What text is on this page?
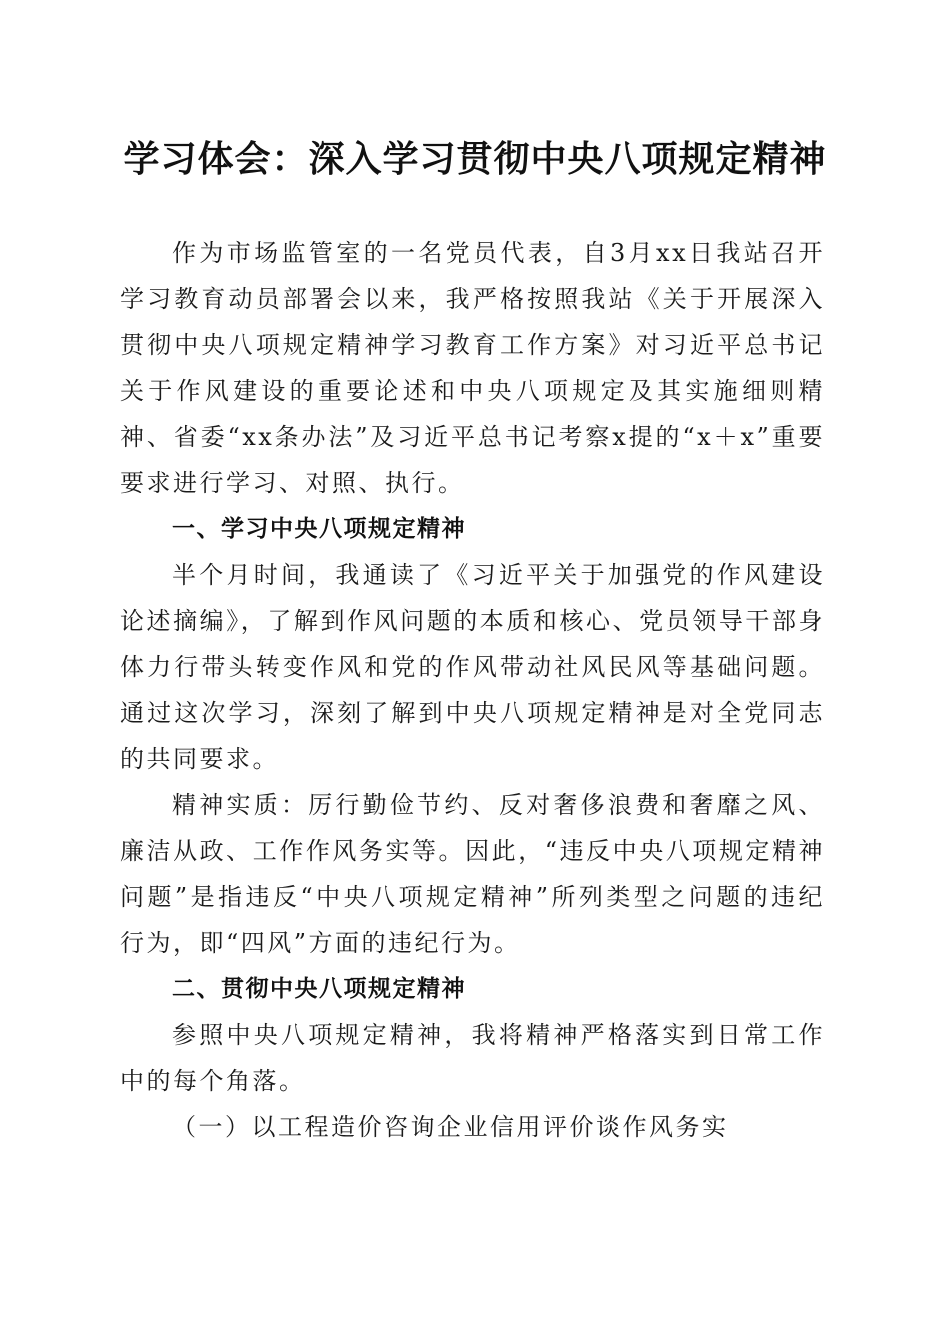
学习体会：深入学习贯彻中央八项规定精神

作为市场监管室的一名党员代表，自3月xx日我站召开学习教育动员部署会以来，我严格按照我站《关于开展深入贯彻中央八项规定精神学习教育工作方案》对习近平总书记关于作风建设的重要论述和中央八项规定及其实施细则精神、省委“xx条办法”及习近平总书记考察x提的“x＋x”重要要求进行学习、对照、执行。

一、学习中央八项规定精神

半个月时间，我通读了《习近平关于加强党的作风建设论述摘编》，了解到作风问题的本质和核心、党员领导干部身体力行带头转变作风和党的作风带动社风民风等基础问题。通过这次学习，深刻了解到中央八项规定精神是对全党同志的共同要求。

精神实质：厉行勤俭节约、反对奢侈浪费和奢靡之风、廉洁从政、工作作风务实等。因此，“违反中央八项规定精神问题”是指违反“中央八项规定精神”所列类型之问题的违纪行为，即“四风”方面的违纪行为。

二、贯彻中央八项规定精神

参照中央八项规定精神，我将精神严格落实到日常工作中的每个角落。

（一）以工程造价咨询企业信用评价谈作风务实
